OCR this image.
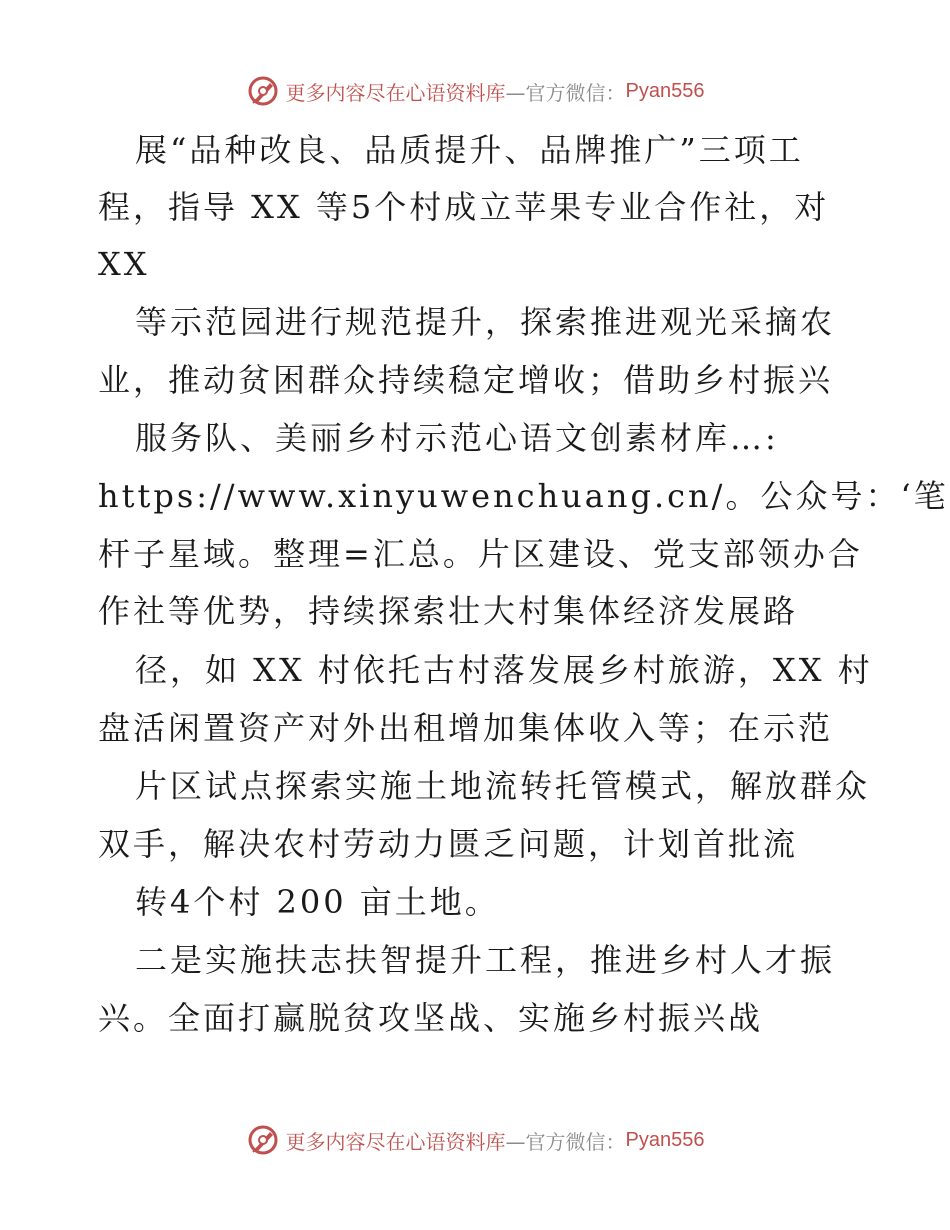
更多内容尽在心语资料库 —官方微信： Pyan556
展“品种改良、品质提升、品牌推广”三项工
程，指导 XX 等5个村成立苹果专业合作社，对
XX
等示范园进行规范提升，探索推进观光采摘农
业，推动贫困群众持续稳定增收；借助乡村振兴
服务队、美丽乡村示范心语文创素材库…:
https://www.xinyuwenchuang.cn/。公众号：‘笔
杆子星域。整理=汇总。片区建设、党支部领办合
作社等优势，持续探索壮大村集体经济发展路
径，如 XX 村依托古村落发展乡村旅游，XX 村
盘活闲置资产对外出租增加集体收入等；在示范
片区试点探索实施土地流转托管模式，解放群众
双手，解决农村劳动力匮乏问题，计划首批流
转4个村 200 亩土地。
二是实施扶志扶智提升工程，推进乡村人才振
兴。全面打赢脱贫攻坚战、实施乡村振兴战
更多内容尽在心语资料库 —官方微信： Pyan556
